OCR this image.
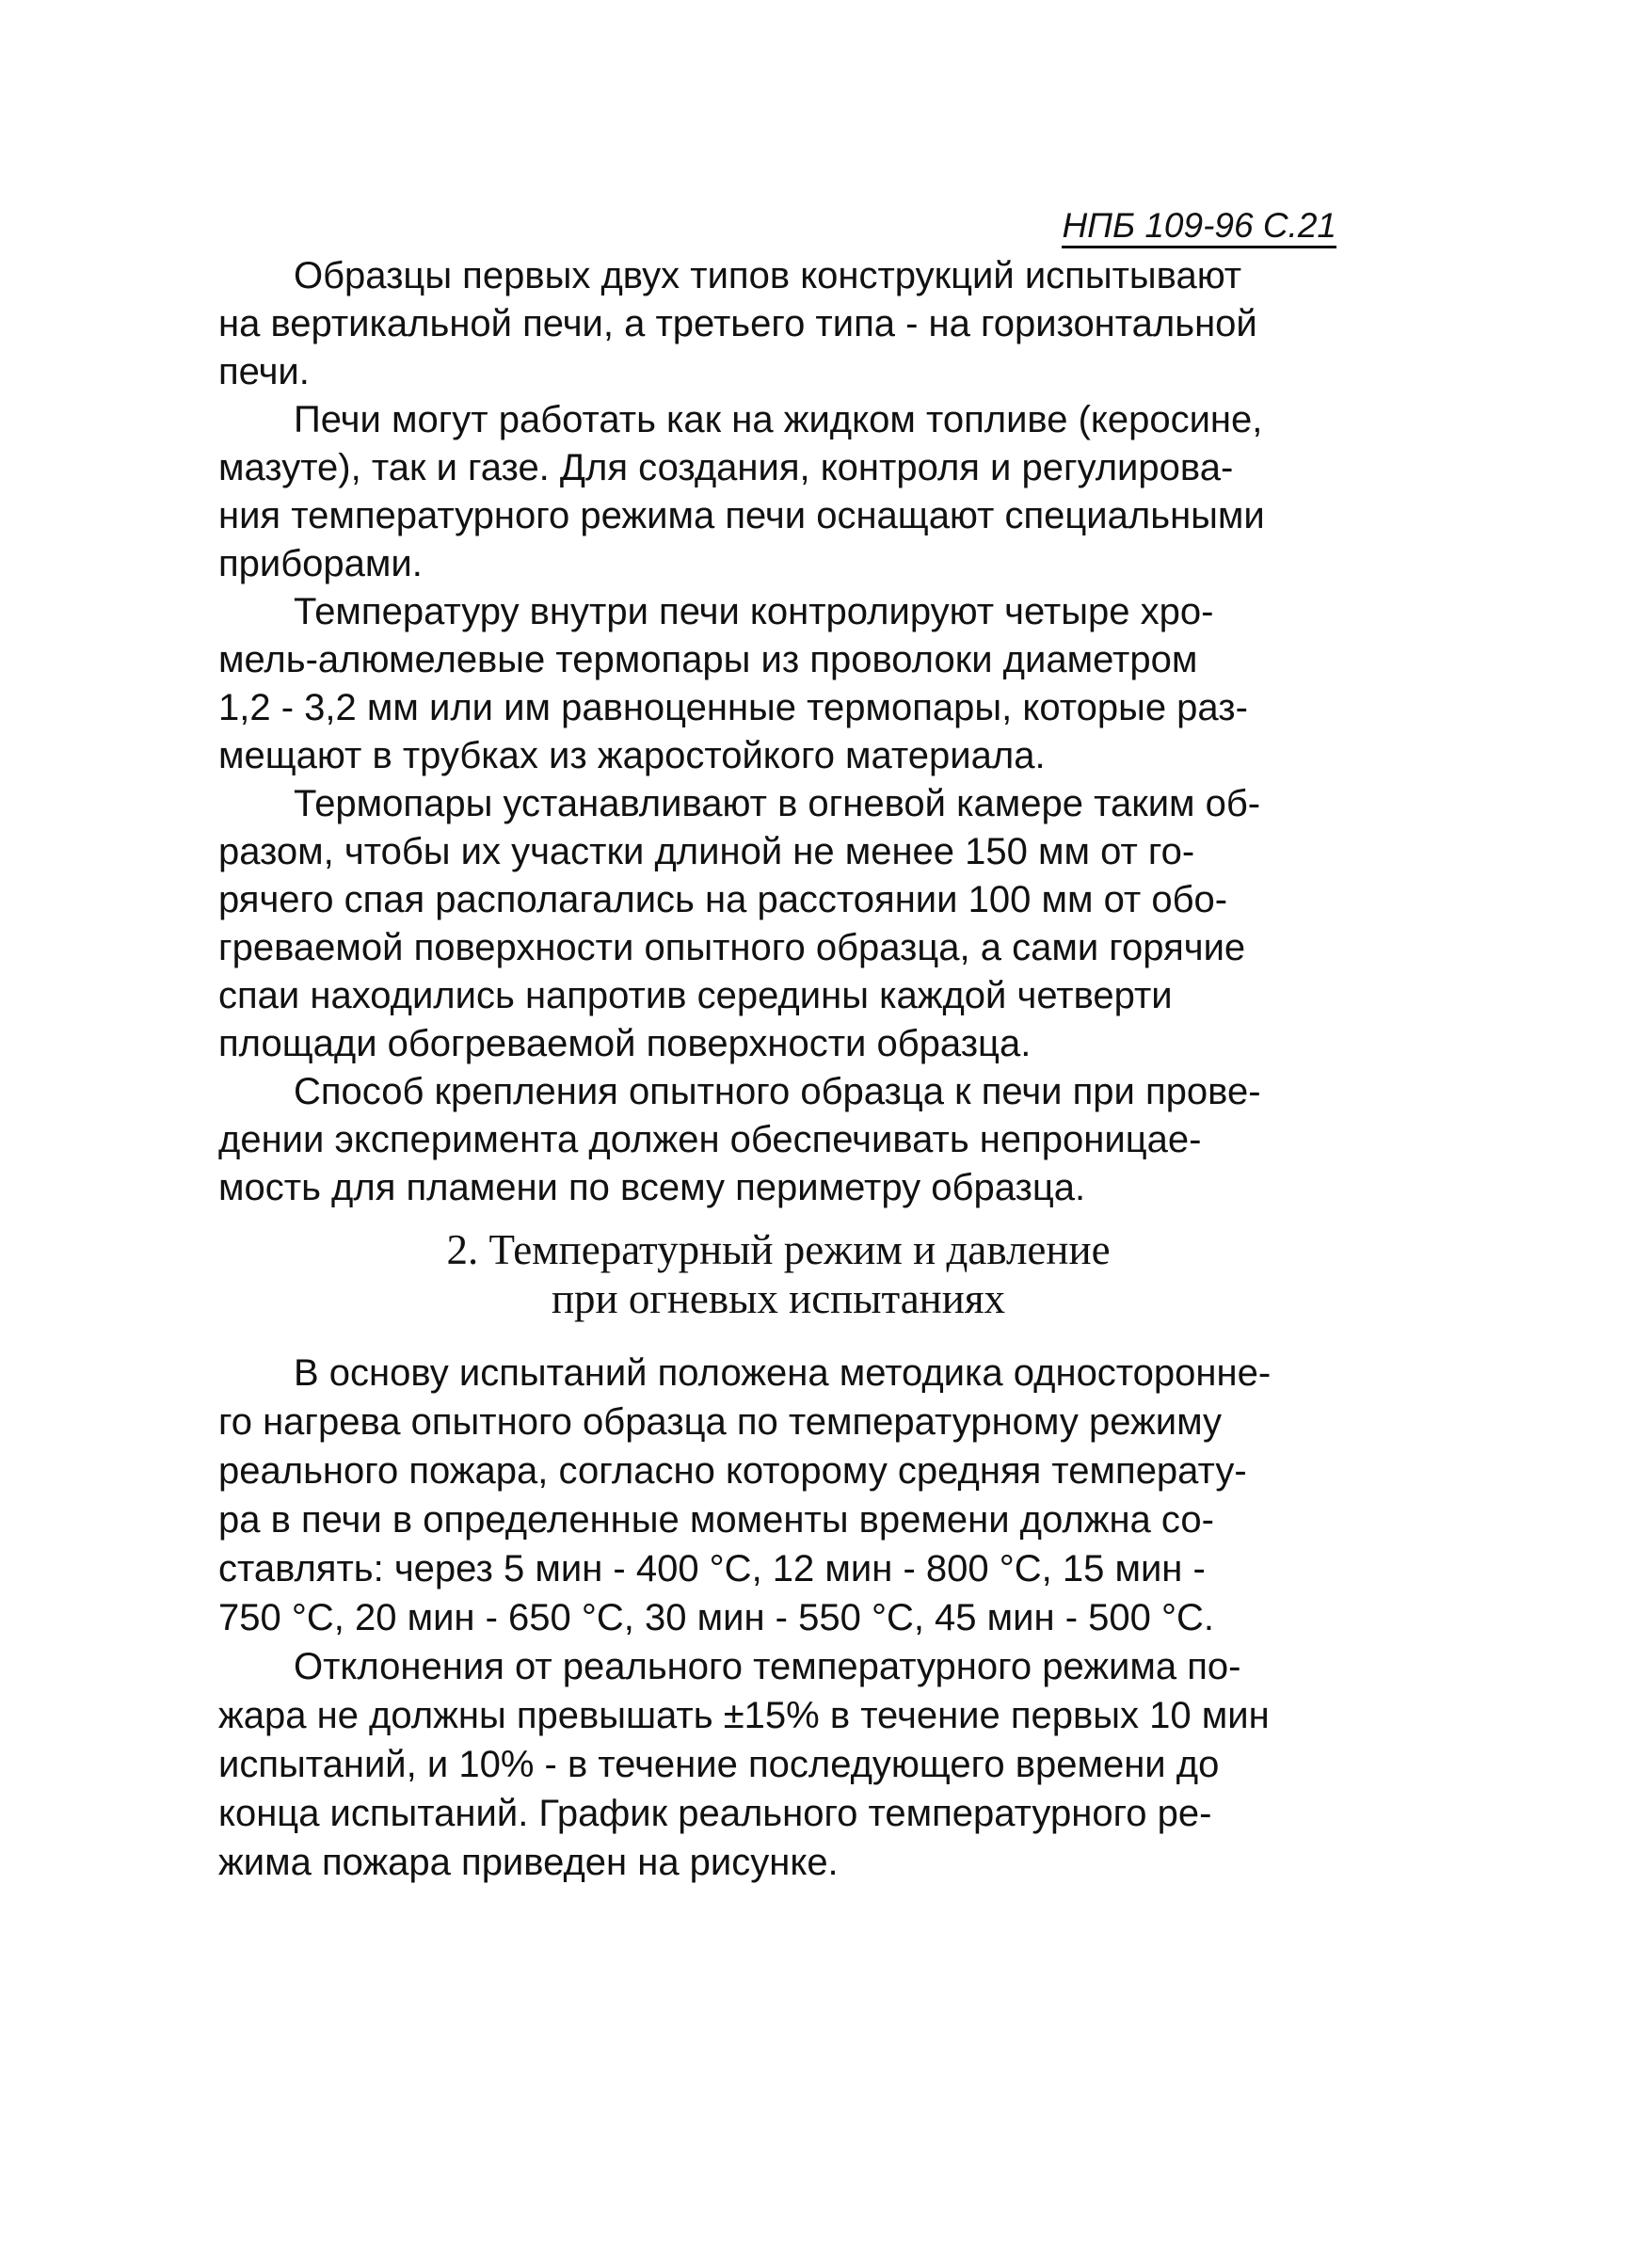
НПБ 109-96 С.21

Образцы первых двух типов конструкций испытывают
на вертикальной печи, а третьего типа - на горизонтальной
печи.

Печи могут работать как на жидком топливе (керосине,
мазуте), так и газе. Для создания, контроля и регулирова-
ния температурного режима печи оснащают специальными
приборами.

Температуру внутри печи контролируют четыре хро-
мель-алюмелевые термопары из проволоки диаметром
1,2 - 3,2 мм или им равноценные термопары, которые раз-
мещают в трубках из жаростойкого материала.

Термопары устанавливают в огневой камере таким об-
разом, чтобы их участки длиной не менее 150 мм от го-
рячего спая располагались на расстоянии 100 мм от обо-
греваемой поверхности опытного образца, а сами горячие
спаи находились напротив середины каждой четверти
площади обогреваемой поверхности образца.

Способ крепления опытного образца к печи при прове-
дении эксперимента должен обеспечивать непроницае-
мость для пламени по всему периметру образца.

2. Температурный режим и давление
при огневых испытаниях

В основу испытаний положена методика односторонне-
го нагрева опытного образца по температурному режиму
реального пожара, согласно которому средняя температу-
ра в печи в определенные моменты времени должна со-
ставлять: через 5 мин - 400 °С, 12 мин - 800 °С, 15 мин -
750 °С, 20 мин - 650 °С, 30 мин - 550 °С, 45 мин - 500 °С.

Отклонения от реального температурного режима по-
жара не должны превышать ±15% в течение первых 10 мин
испытаний, и 10% - в течение последующего времени до
конца испытаний. График реального температурного ре-
жима пожара приведен на рисунке.
